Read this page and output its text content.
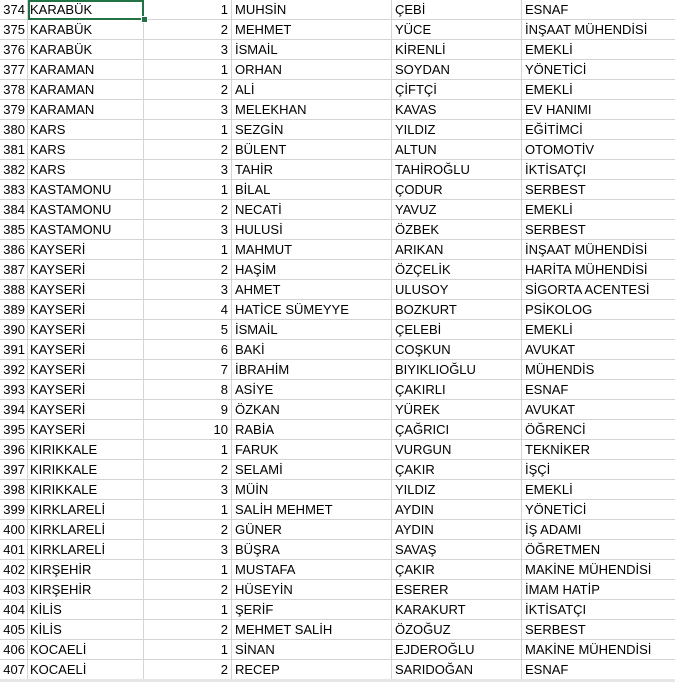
374 KARABÜK	1 MUHSİN	ÇEBİ	ESNAF
375 KARABÜK	2 MEHMET	YÜCE	İNŞAAT MÜHENDİSİ
376 KARABÜK	3 İSMAİL	KİRENLİ	EMEKLİ
377 KARAMAN	1 ORHAN	SOYDAN	YÖNETİCİ
378 KARAMAN	2 ALİ	ÇİFTÇİ	EMEKLİ
379 KARAMAN	3 MELEKHAN	KAVAS	EV HANIMI
380 KARS	1 SEZGİN	YILDIZ	EĞİTİMCİ
381 KARS	2 BÜLENT	ALTUN	OTOMOTİV
382 KARS	3 TAHİR	TAHİROĞLU	İKTİSATÇI
383 KASTAMONU	1 BİLAL	ÇODUR	SERBEST
384 KASTAMONU	2 NECATİ	YAVUZ	EMEKLİ
385 KASTAMONU	3 HULUSİ	ÖZBEK	SERBEST
386 KAYSERİ	1 MAHMUT	ARIKAN	İNŞAAT MÜHENDİSİ
387 KAYSERİ	2 HAŞİM	ÖZÇELİK	HARİTA MÜHENDİSİ
388 KAYSERİ	3 AHMET	ULUSOY	SİGORTA ACENTESİ
389 KAYSERİ	4 HATİCE SÜMEYYE	BOZKURT	PSİKOLOG
390 KAYSERİ	5 İSMAİL	ÇELEBİ	EMEKLİ
391 KAYSERİ	6 BAKİ	COŞKUN	AVUKAT
392 KAYSERİ	7 İBRAHİM	BIYIKLIOĞLU	MÜHENDİS
393 KAYSERİ	8 ASİYE	ÇAKIRLI	ESNAF
394 KAYSERİ	9 ÖZKAN	YÜREK	AVUKAT
395 KAYSERİ	10 RABİA	ÇAĞRICI	ÖĞRENCİ
396 KIRIKKALE	1 FARUK	VURGUN	TEKNİKER
397 KIRIKKALE	2 SELAMİ	ÇAKIR	İŞÇİ
398 KIRIKKALE	3 MÜİN	YILDIZ	EMEKLİ
399 KIRKLARELİ	1 SALİH MEHMET	AYDIN	YÖNETİCİ
400 KIRKLARELİ	2 GÜNER	AYDIN	İŞ ADAMI
401 KIRKLARELİ	3 BÜŞRA	SAVAŞ	ÖĞRETMEN
402 KIRŞEHİR	1 MUSTAFA	ÇAKIR	MAKİNE MÜHENDİSİ
403 KIRŞEHİR	2 HÜSEYİN	ESERER	İMAM HATİP
404 KİLİS	1 ŞERİF	KARAKURT	İKTİSATÇI
405 KİLİS	2 MEHMET SALİH	ÖZOĞUZ	SERBEST
406 KOCAELİ	1 SİNAN	EJDEROĞLU	MAKİNE MÜHENDİSİ
407 KOCAELİ	2 RECEP	SARIDOĞAN	ESNAF
